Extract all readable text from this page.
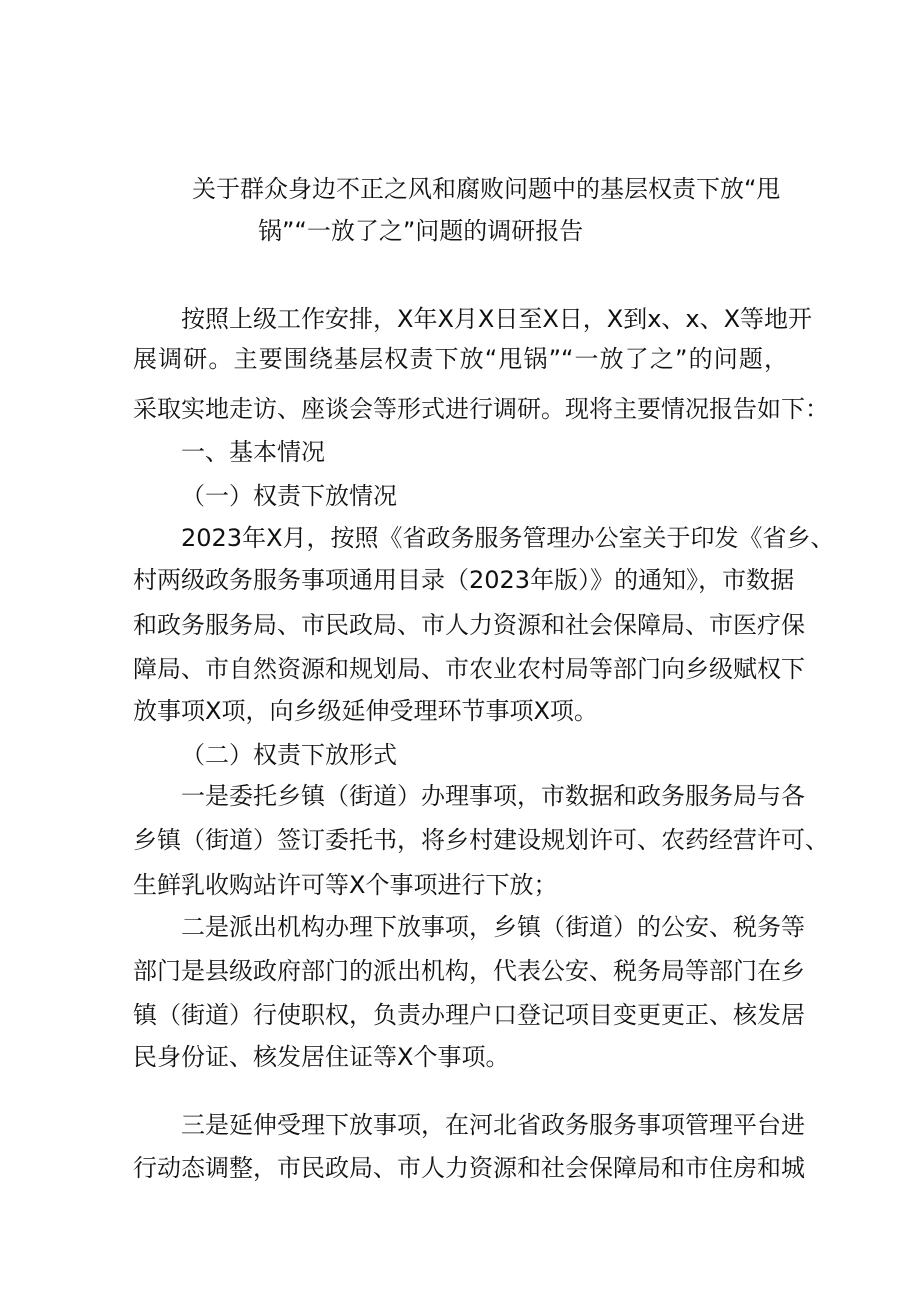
关于群众身边不正之风和腐败问题中的基层权责下放“甩
锅”“一放了之”问题的调研报告
按照上级工作安排，X年X月X日至X日，X到x、x、X等地开
展调研。主要围绕基层权责下放“甩锅”“一放了之”的问题，
采取实地走访、座谈会等形式进行调研。现将主要情况报告如下：
一、基本情况
（一）权责下放情况
2023年X月，按照《省政务服务管理办公室关于印发《省乡、
村两级政务服务事项通用目录（2023年版）》的通知》，市数据
和政务服务局、市民政局、市人力资源和社会保障局、市医疗保
障局、市自然资源和规划局、市农业农村局等部门向乡级赋权下
放事项X项，向乡级延伸受理环节事项X项。
（二）权责下放形式
一是委托乡镇（街道）办理事项，市数据和政务服务局与各
乡镇（街道）签订委托书，将乡村建设规划许可、农药经营许可、
生鲜乳收购站许可等X个事项进行下放；
二是派出机构办理下放事项，乡镇（街道）的公安、税务等
部门是县级政府部门的派出机构，代表公安、税务局等部门在乡
镇（街道）行使职权，负责办理户口登记项目变更更正、核发居
民身份证、核发居住证等X个事项。
三是延伸受理下放事项，在河北省政务服务事项管理平台进
行动态调整，市民政局、市人力资源和社会保障局和市住房和城
